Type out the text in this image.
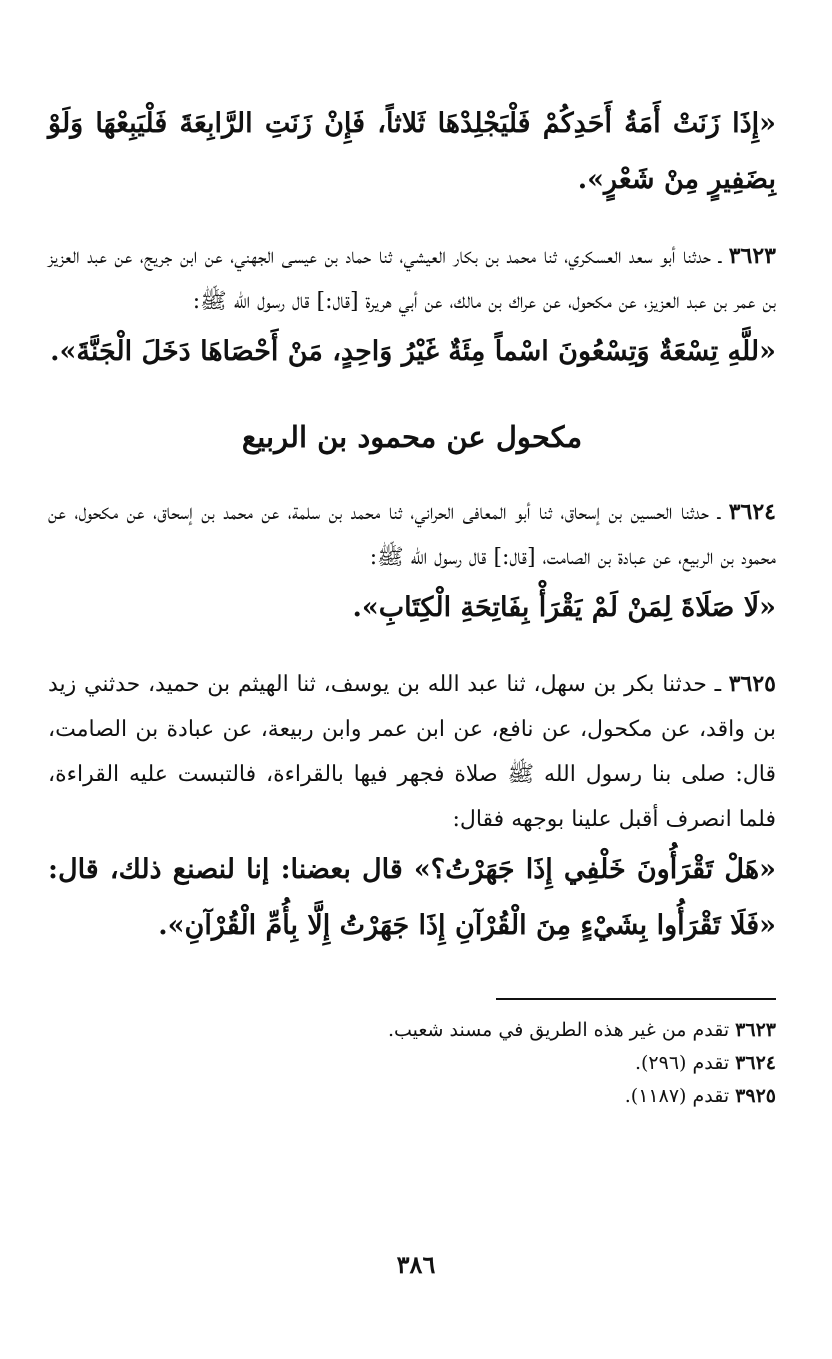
«إِذَا زَنَتْ أَمَةُ أَحَدِكُمْ فَلْيَجْلِدْهَا ثَلاثاً، فَإِنْ زَنَتِ الرَّابِعَةَ فَلْيَبِعْهَا وَلَوْ بِضَفِيرٍ مِنْ شَعْرٍ».
٣٦٢٣ ـ حدثنا أبو سعد العسكري، ثنا محمد بن بكار العيشي، ثنا حماد بن عيسى الجهني، عن ابن جريج، عن عبد العزيز بن عمر بن عبد العزيز، عن مكحول، عن عراك بن مالك، عن أبي هريرة [قال:] قال رسول الله ﷺ:
«للَّهِ تِسْعَةٌ وَتِسْعُونَ اسْماً مِئَةٌ غَيْرُ وَاحِدٍ، مَنْ أَحْصَاهَا دَخَلَ الْجَنَّةَ».
مكحول عن محمود بن الربيع
٣٦٢٤ ـ حدثنا الحسين بن إسحاق، ثنا أبو المعافى الحراني، ثنا محمد بن سلمة، عن محمد بن إسحاق، عن مكحول، عن محمود بن الربيع، عن عبادة بن الصامت، [قال:] قال رسول الله ﷺ:
«لَا صَلَاةَ لِمَنْ لَمْ يَقْرَأْ بِفَاتِحَةِ الْكِتَابِ».
٣٦٢٥ ـ حدثنا بكر بن سهل، ثنا عبد الله بن يوسف، ثنا الهيثم بن حميد، حدثني زيد بن واقد، عن مكحول، عن نافع، عن ابن عمر وابن ربيعة، عن عبادة بن الصامت، قال: صلى بنا رسول الله ﷺ صلاة فجهر فيها بالقراءة، فالتبست عليه القراءة، فلما انصرف أقبل علينا بوجهه فقال:
«هَلْ تَقْرَأُونَ خَلْفِي إِذَا جَهَرْتُ؟» قال بعضنا: إنا لنصنع ذلك، قال: «فَلَا تَقْرَأُوا بِشَيْءٍ مِنَ الْقُرْآنِ إِذَا جَهَرْتُ إِلَّا بِأُمِّ الْقُرْآنِ».
٣٦٢٣ تقدم من غير هذه الطريق في مسند شعيب.
٣٦٢٤ تقدم (٢٩٦).
٣٩٢٥ تقدم (١١٨٧).
٣٨٦
